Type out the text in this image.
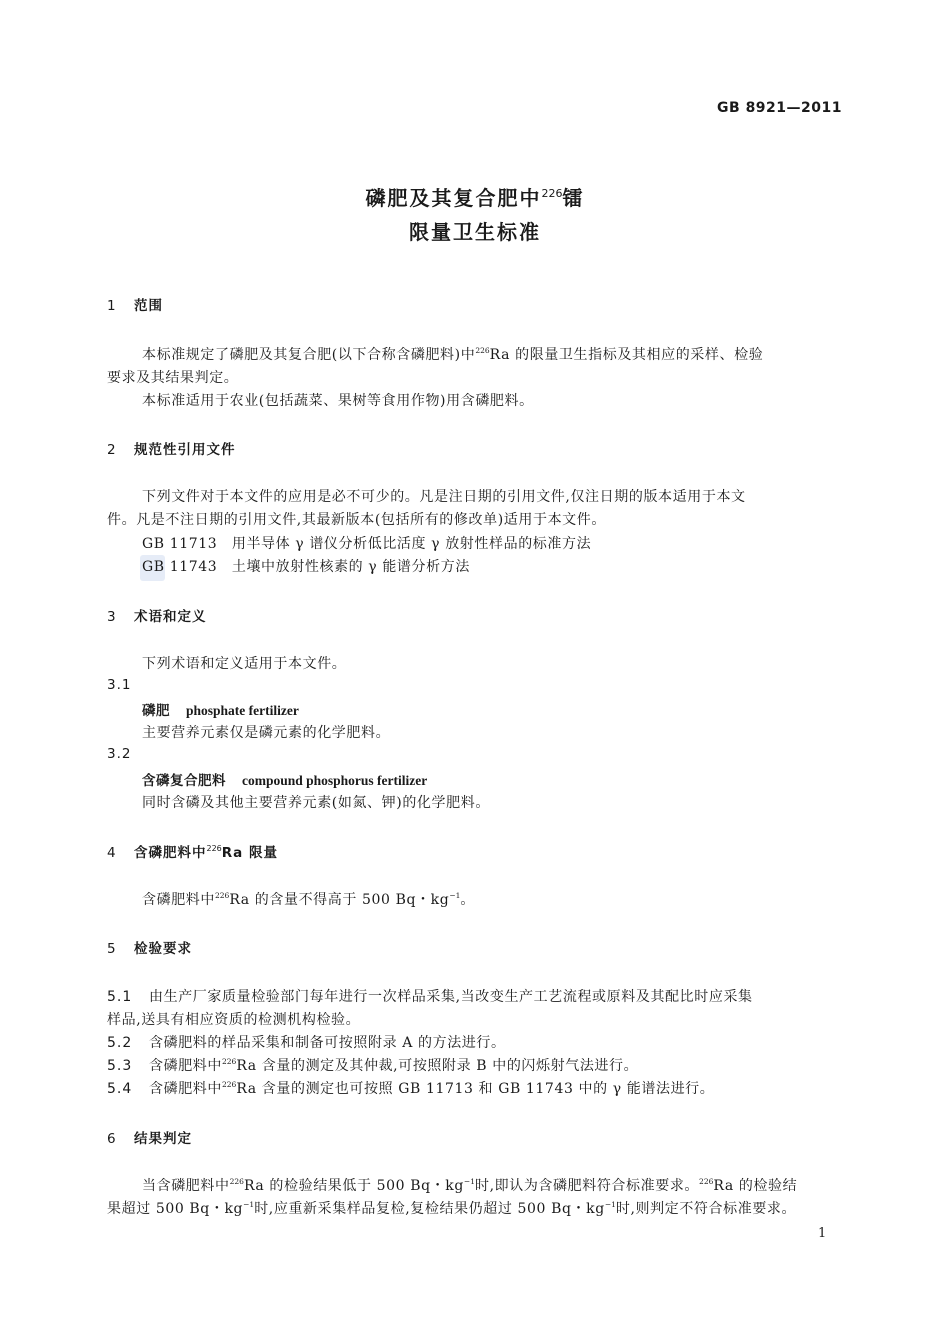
GB 8921—2011
磷肥及其复合肥中$^{226}$镭
限量卫生标准
1 范围
本标准规定了磷肥及其复合肥(以下合称含磷肥料)中$^{226}$Ra 的限量卫生指标及其相应的采样、检验
要求及其结果判定。
本标准适用于农业(包括蔬菜、果树等食用作物)用含磷肥料。
2 规范性引用文件
下列文件对于本文件的应用是必不可少的。凡是注日期的引用文件,仅注日期的版本适用于本文
件。凡是不注日期的引用文件,其最新版本(包括所有的修改单)适用于本文件。
GB 11713　用半导体 γ 谱仪分析低比活度 γ 放射性样品的标准方法
GB 11743　土壤中放射性核素的 γ 能谱分析方法
3 术语和定义
下列术语和定义适用于本文件。
3.1
磷肥 phosphate fertilizer
主要营养元素仅是磷元素的化学肥料。
3.2
含磷复合肥料 compound phosphorus fertilizer
同时含磷及其他主要营养元素(如氮、钾)的化学肥料。
4 含磷肥料中$^{226}$Ra 限量
含磷肥料中$^{226}$Ra 的含量不得高于 500 Bq・$kg^{-1}$。
5 检验要求
5.1 由生产厂家质量检验部门每年进行一次样品采集,当改变生产工艺流程或原料及其配比时应采集
样品,送具有相应资质的检测机构检验。
5.2 含磷肥料的样品采集和制备可按照附录 A 的方法进行。
5.3 含磷肥料中$^{226}$Ra 含量的测定及其仲裁,可按照附录 B 中的闪烁射气法进行。
5.4 含磷肥料中$^{226}$Ra 含量的测定也可按照 GB 11713 和 GB 11743 中的 γ 能谱法进行。
6 结果判定
当含磷肥料中$^{226}$Ra 的检验结果低于 500 Bq・$kg^{-1}$时,即认为含磷肥料符合标准要求。$^{226}$Ra 的检验结
果超过 500 Bq・$kg^{-1}$时,应重新采集样品复检,复检结果仍超过 500 Bq・$kg^{-1}$时,则判定不符合标准要求。
1
